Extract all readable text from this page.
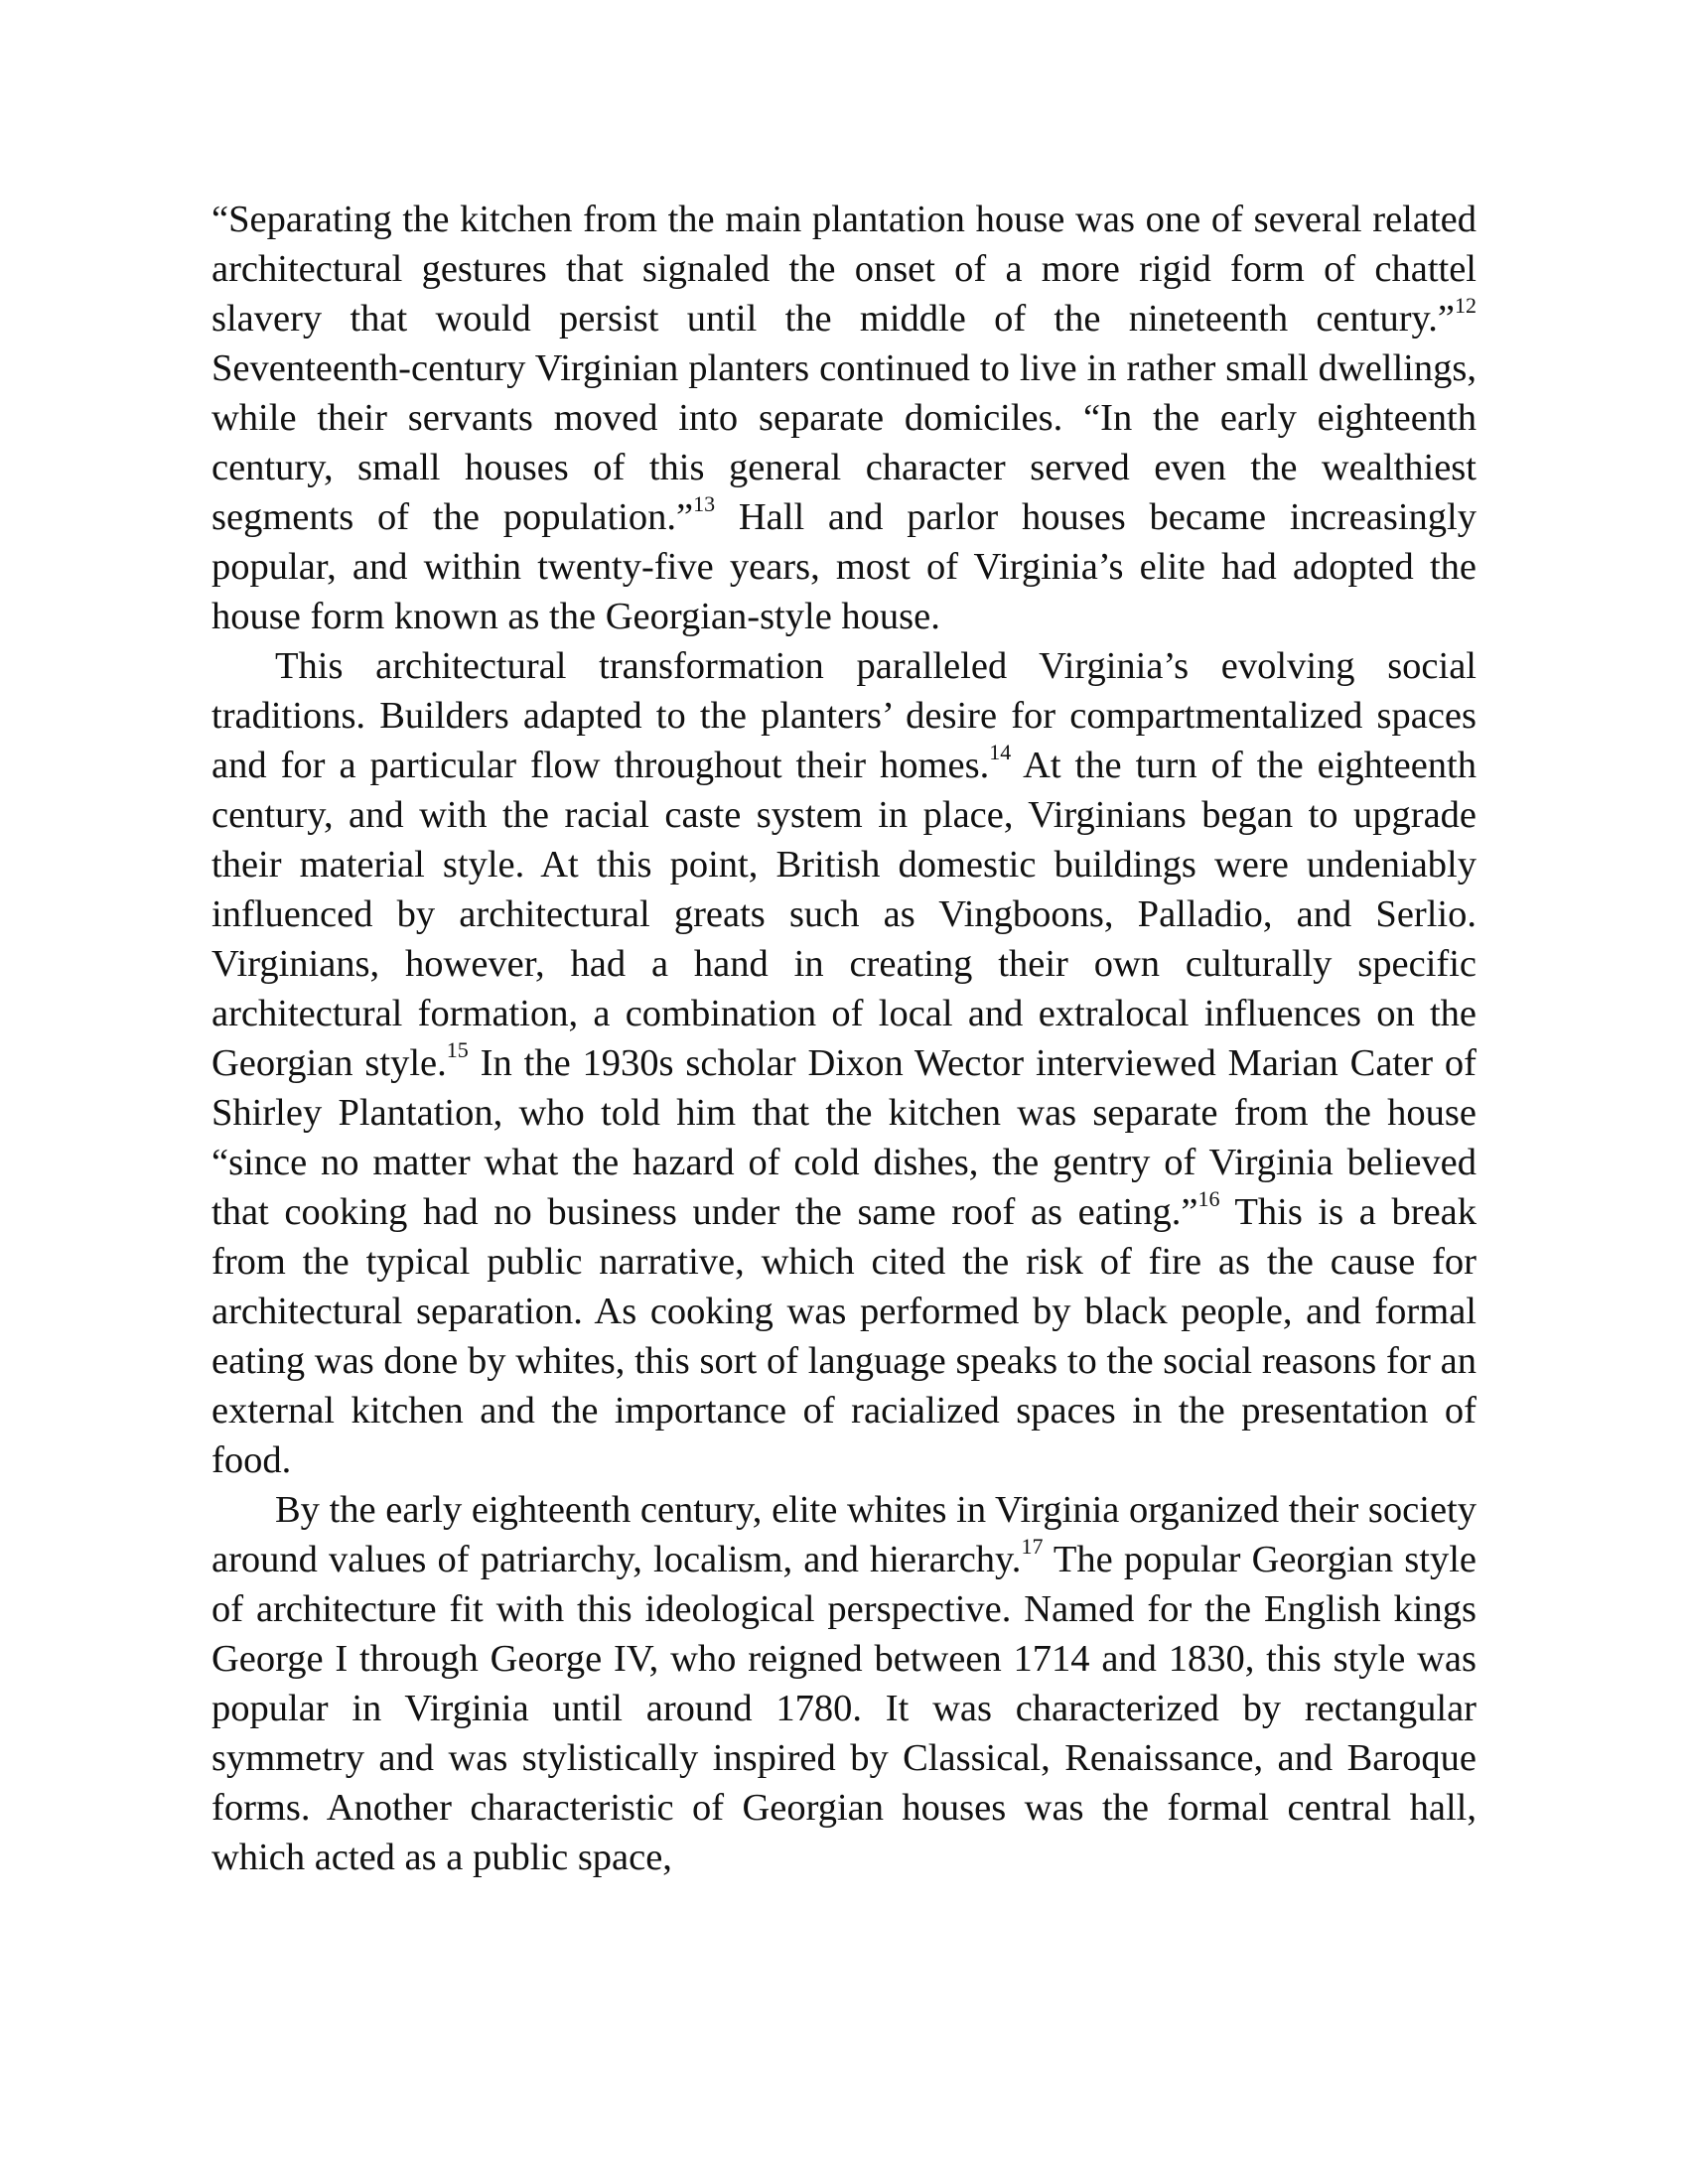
“Separating the kitchen from the main plantation house was one of several related architectural gestures that signaled the onset of a more rigid form of chattel slavery that would persist until the middle of the nineteenth century.”$^{12}$ Seventeenth-century Virginian planters continued to live in rather small dwellings, while their servants moved into separate domiciles. “In the early eighteenth century, small houses of this general character served even the wealthiest segments of the population.”$^{13}$ Hall and parlor houses became increasingly popular, and within twenty-five years, most of Virginia’s elite had adopted the house form known as the Georgian-style house.

This architectural transformation paralleled Virginia’s evolving social traditions. Builders adapted to the planters’ desire for compartmentalized spaces and for a particular flow throughout their homes.$^{14}$ At the turn of the eighteenth century, and with the racial caste system in place, Virginians began to upgrade their material style. At this point, British domestic buildings were undeniably influenced by architectural greats such as Vingboons, Palladio, and Serlio. Virginians, however, had a hand in creating their own culturally specific architectural formation, a combination of local and extralocal influences on the Georgian style.$^{15}$ In the 1930s scholar Dixon Wector interviewed Marian Cater of Shirley Plantation, who told him that the kitchen was separate from the house “since no matter what the hazard of cold dishes, the gentry of Virginia believed that cooking had no business under the same roof as eating.”$^{16}$ This is a break from the typical public narrative, which cited the risk of fire as the cause for architectural separation. As cooking was performed by black people, and formal eating was done by whites, this sort of language speaks to the social reasons for an external kitchen and the importance of racialized spaces in the presentation of food.

By the early eighteenth century, elite whites in Virginia organized their society around values of patriarchy, localism, and hierarchy.$^{17}$ The popular Georgian style of architecture fit with this ideological perspective. Named for the English kings George I through George IV, who reigned between 1714 and 1830, this style was popular in Virginia until around 1780. It was characterized by rectangular symmetry and was stylistically inspired by Classical, Renaissance, and Baroque forms. Another characteristic of Georgian houses was the formal central hall, which acted as a public space,
